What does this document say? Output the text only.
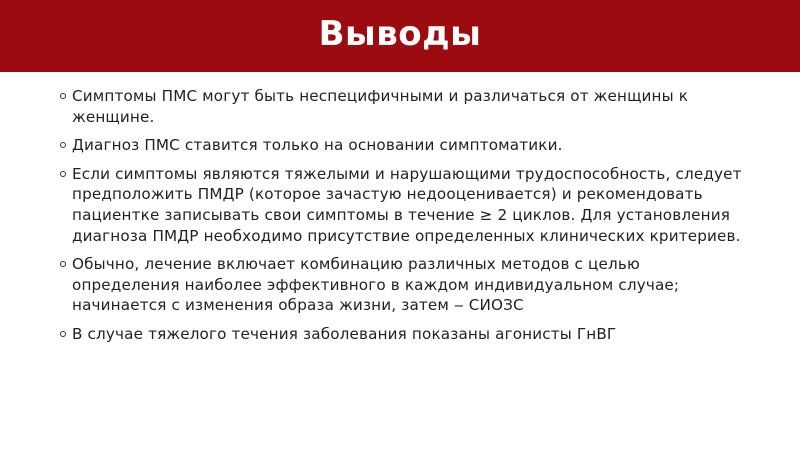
Выводы
Симптомы ПМС могут быть неспецифичными и различаться от женщины к женщине.
Диагноз ПМС ставится только на основании симптоматики.
Если симптомы являются тяжелыми и нарушающими трудоспособность, следует предположить ПМДР (которое зачастую недооценивается) и рекомендовать пациентке записывать свои симптомы в течение ≥ 2 циклов. Для установления диагноза ПМДР необходимо присутствие определенных клинических критериев.
Обычно, лечение включает комбинацию различных методов с целью определения наиболее эффективного в каждом индивидуальном случае; начинается с изменения образа жизни, затем ‒ СИОЗС
В случае тяжелого течения заболевания показаны агонисты ГнВГ
